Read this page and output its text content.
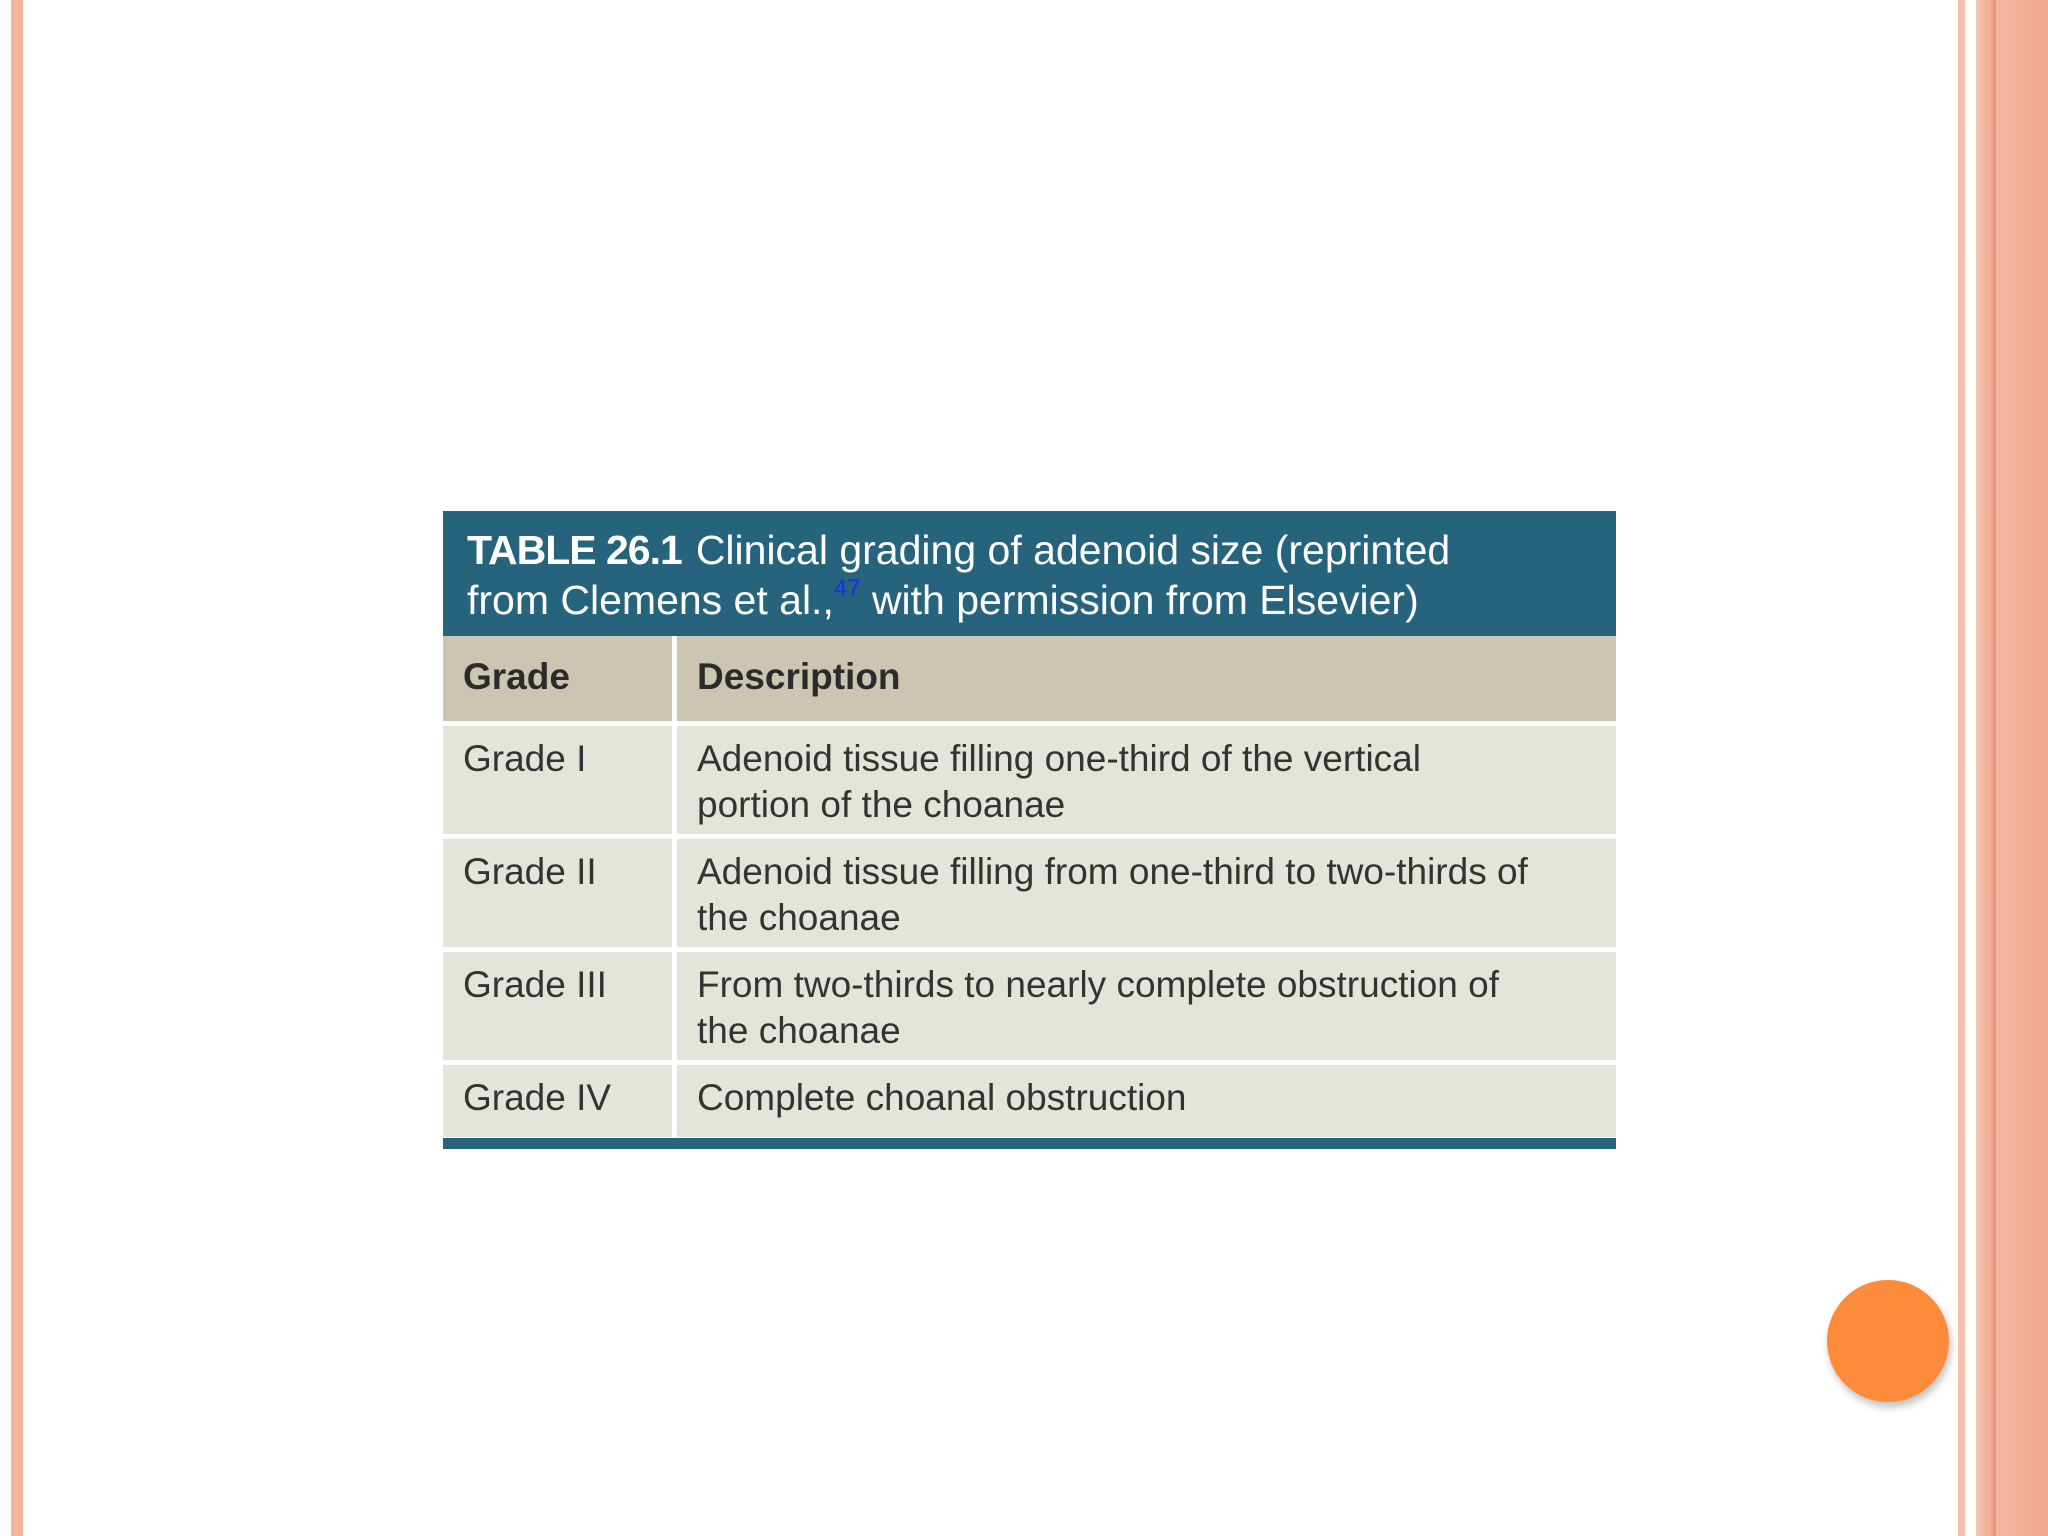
TABLE 26.1 Clinical grading of adenoid size (reprinted
from Clemens et al.,$^{47}$ with permission from Elsevier)
Grade	Description
Grade I	Adenoid tissue filling one-third of the vertical
portion of the choanae
Grade II	Adenoid tissue filling from one-third to two-thirds of
the choanae
Grade III	From two-thirds to nearly complete obstruction of
the choanae
Grade IV	Complete choanal obstruction
